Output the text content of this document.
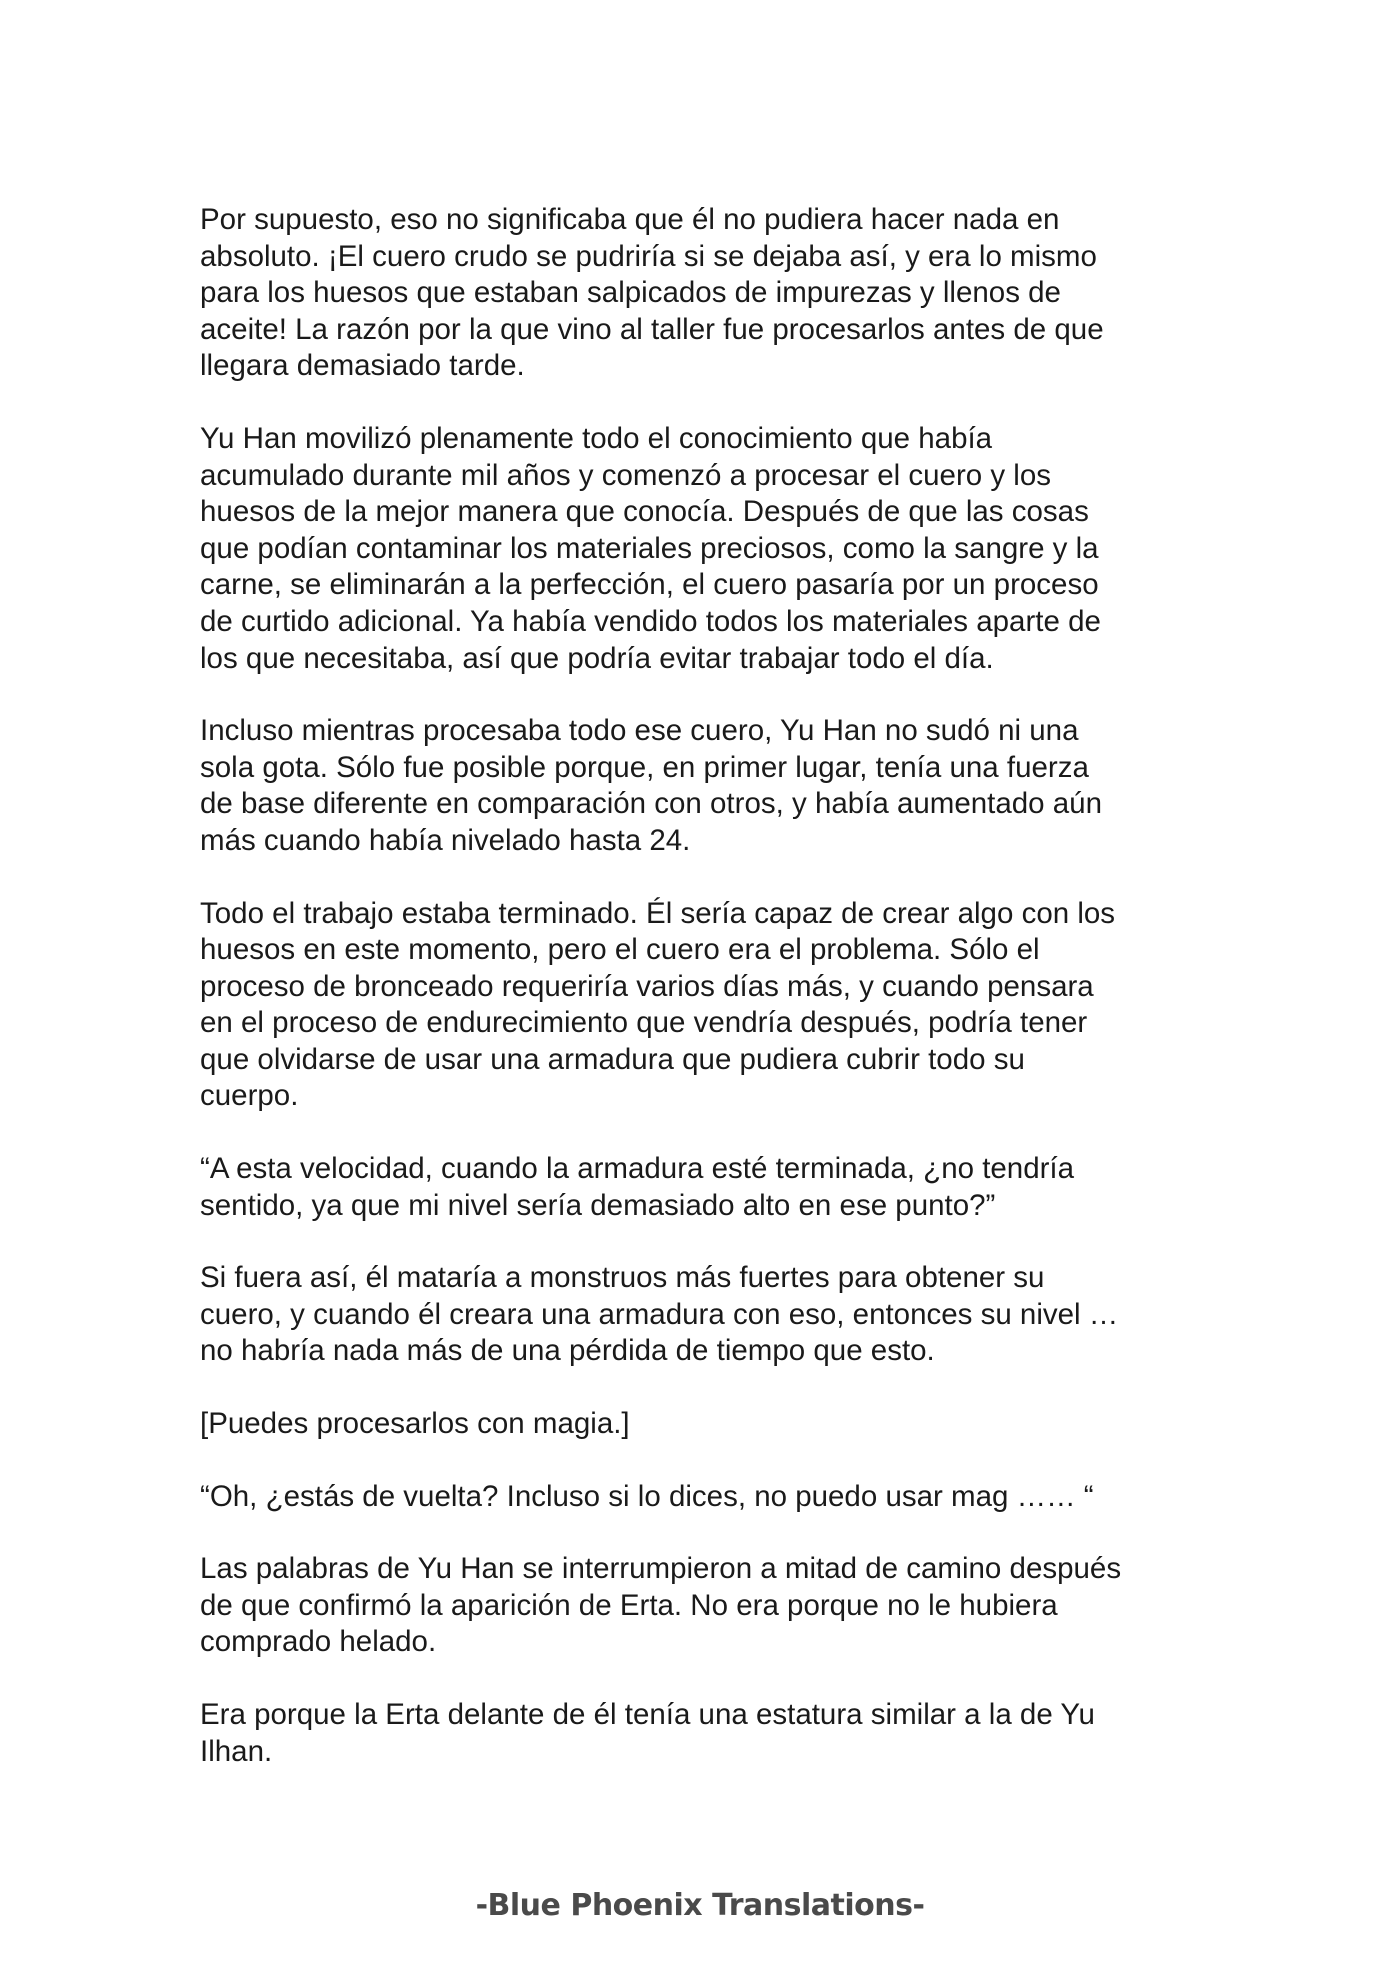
Por supuesto, eso no significaba que él no pudiera hacer nada en
absoluto. ¡El cuero crudo se pudriría si se dejaba así, y era lo mismo
para los huesos que estaban salpicados de impurezas y llenos de
aceite! La razón por la que vino al taller fue procesarlos antes de que
llegara demasiado tarde.

Yu Han movilizó plenamente todo el conocimiento que había
acumulado durante mil años y comenzó a procesar el cuero y los
huesos de la mejor manera que conocía. Después de que las cosas
que podían contaminar los materiales preciosos, como la sangre y la
carne, se eliminarán a la perfección, el cuero pasaría por un proceso
de curtido adicional. Ya había vendido todos los materiales aparte de
los que necesitaba, así que podría evitar trabajar todo el día.

Incluso mientras procesaba todo ese cuero, Yu Han no sudó ni una
sola gota. Sólo fue posible porque, en primer lugar, tenía una fuerza
de base diferente en comparación con otros, y había aumentado aún
más cuando había nivelado hasta 24.

Todo el trabajo estaba terminado. Él sería capaz de crear algo con los
huesos en este momento, pero el cuero era el problema. Sólo el
proceso de bronceado requeriría varios días más, y cuando pensara
en el proceso de endurecimiento que vendría después, podría tener
que olvidarse de usar una armadura que pudiera cubrir todo su
cuerpo.

“A esta velocidad, cuando la armadura esté terminada, ¿no tendría
sentido, ya que mi nivel sería demasiado alto en ese punto?”

Si fuera así, él mataría a monstruos más fuertes para obtener su
cuero, y cuando él creara una armadura con eso, entonces su nivel …
no habría nada más de una pérdida de tiempo que esto.

[Puedes procesarlos con magia.]

“Oh, ¿estás de vuelta? Incluso si lo dices, no puedo usar mag …… “

Las palabras de Yu Han se interrumpieron a mitad de camino después
de que confirmó la aparición de Erta. No era porque no le hubiera
comprado helado.

Era porque la Erta delante de él tenía una estatura similar a la de Yu
Ilhan.

-Blue Phoenix Translations-
